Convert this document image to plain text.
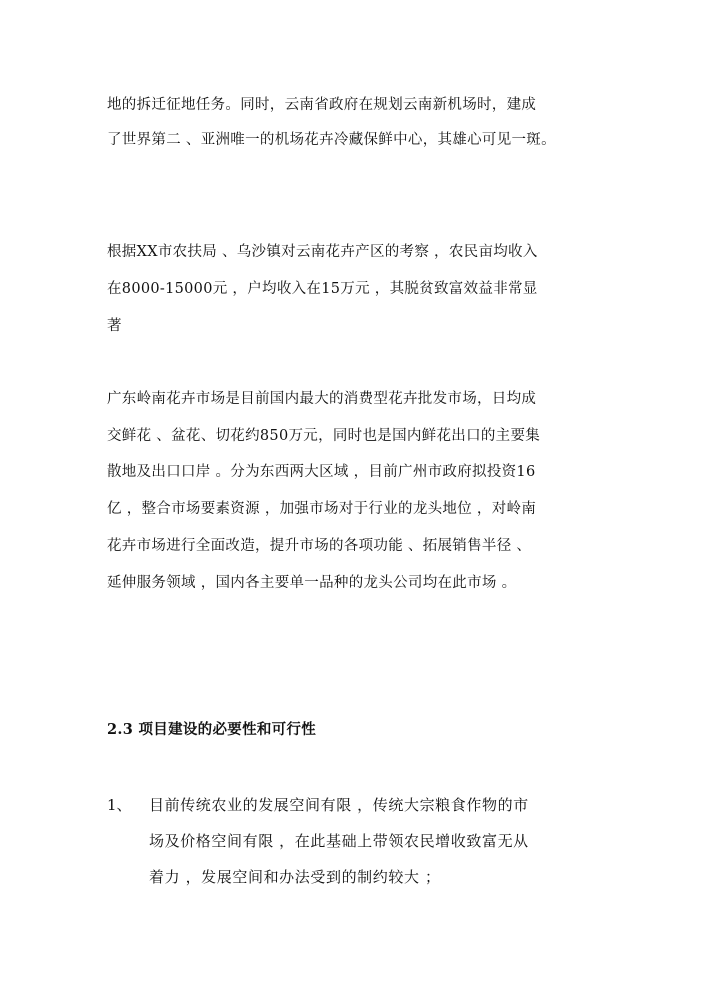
地的拆迁征地任务。同时，云南省政府在规划云南新机场时，建成
了世界第二 、亚洲唯一的机场花卉冷藏保鲜中心，其雄心可见一斑。
根据XX市农扶局 、乌沙镇对云南花卉产区的考察 ，农民亩均收入
在8000-15000元 ，户均收入在15万元 ，其脱贫致富效益非常显
著
广东岭南花卉市场是目前国内最大的消费型花卉批发市场，日均成
交鲜花 、盆花、切花约850万元，同时也是国内鲜花出口的主要集
散地及出口口岸 。分为东西两大区域 ，目前广州市政府拟投资16
亿 ，整合市场要素资源 ，加强市场对于行业的龙头地位 ，对岭南
花卉市场进行全面改造，提升市场的各项功能 、拓展销售半径 、
延伸服务领域 ，国内各主要单一品种的龙头公司均在此市场 。
2.3 项目建设的必要性和可行性
1、 目前传统农业的发展空间有限 ，传统大宗粮食作物的市
场及价格空间有限 ，在此基础上带领农民增收致富无从
着力 ，发展空间和办法受到的制约较大 ；
